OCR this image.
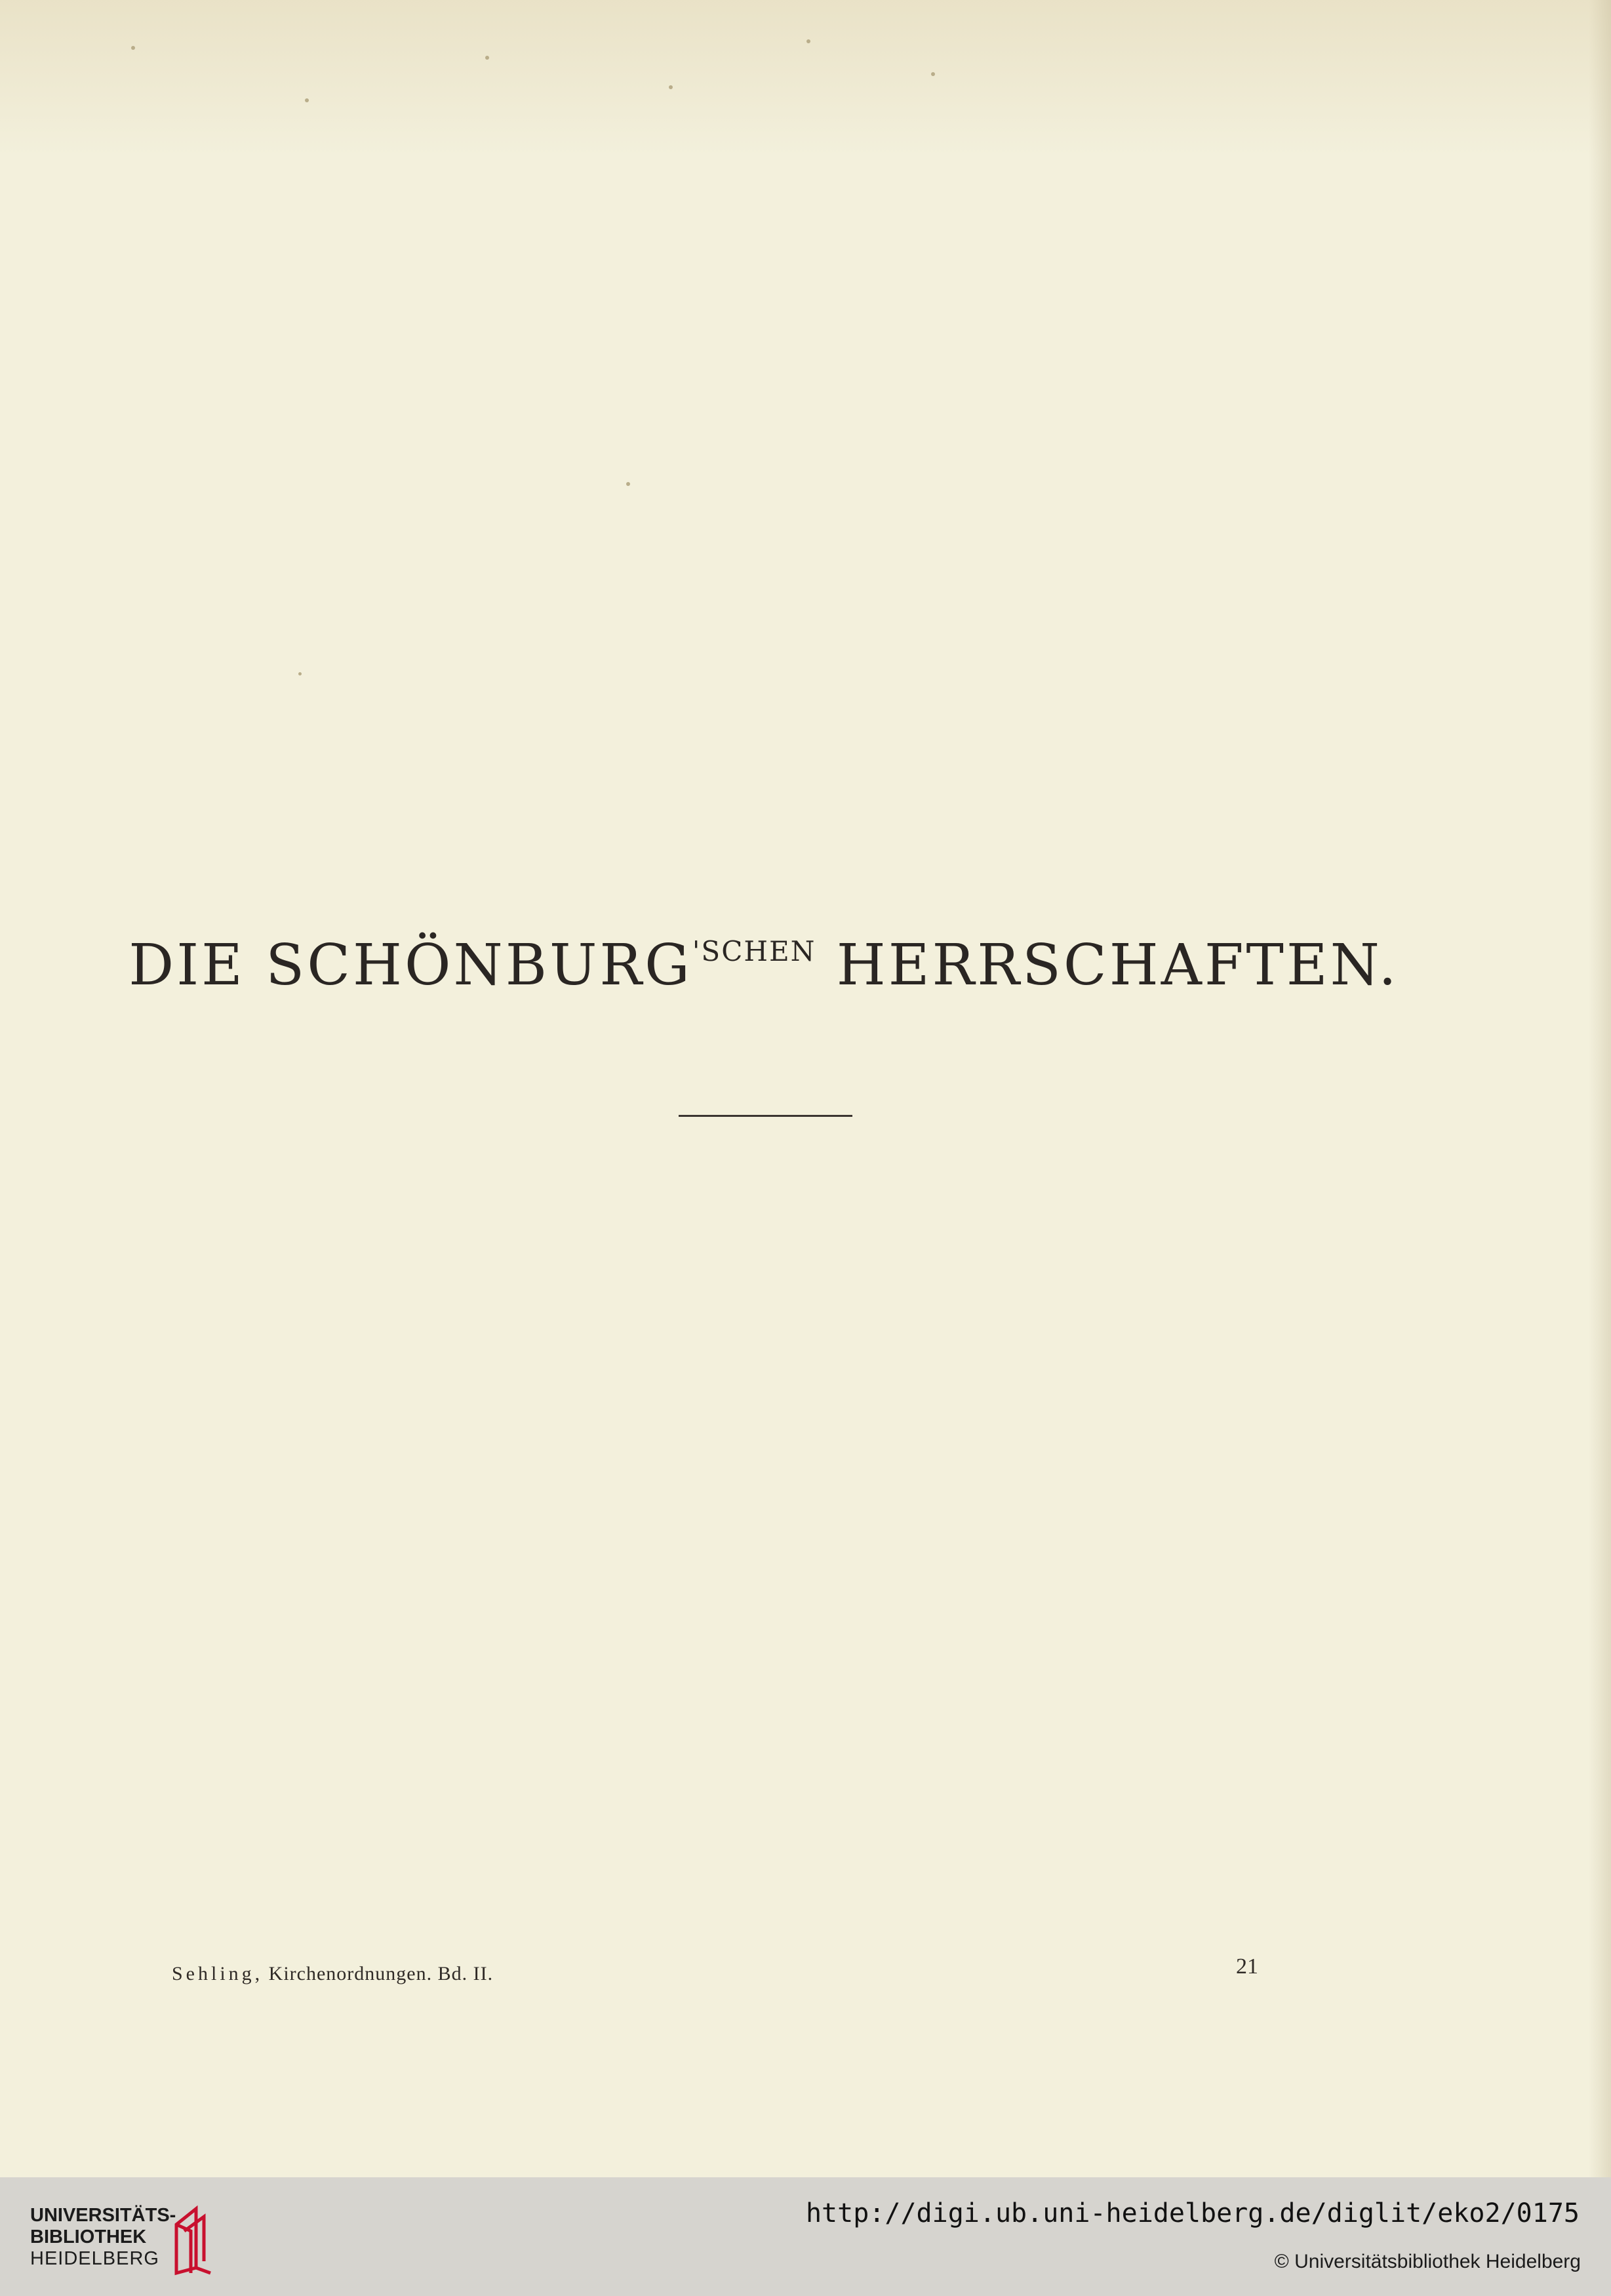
DIE $SCHÖNBURG^{'SCHEN}$ HERRSCHAFTEN.
Sehling, Kirchenordnungen. Bd. II.	21
UNIVERSITÄTS-
BIBLIOTHEK
HEIDELBERG
http://digi.ub.uni-heidelberg.de/diglit/eko2/0175
© Universitätsbibliothek Heidelberg
